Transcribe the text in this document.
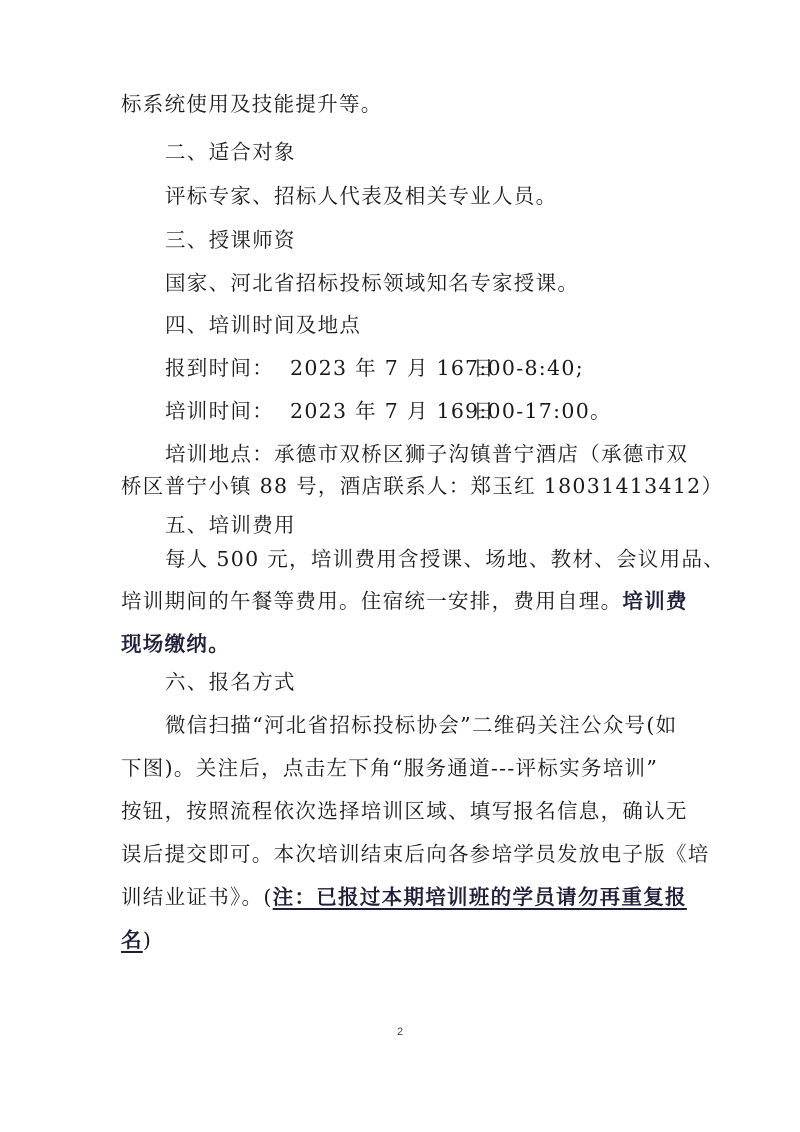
标系统使用及技能提升等。
二、适合对象
评标专家、招标人代表及相关专业人员。
三、授课师资
国家、河北省招标投标领域知名专家授课。
四、培训时间及地点
报到时间： 2023 年 7 月 16 日7:00-8:40;
培训时间： 2023 年 7 月 16 日9:00-17:00。
培训地点：承德市双桥区狮子沟镇普宁酒店（承德市双
桥区普宁小镇 88 号，酒店联系人：郑玉红 18031413412）
五、培训费用
每人 500 元，培训费用含授课、场地、教材、会议用品、
培训期间的午餐等费用。住宿统一安排，费用自理。培训费
现场缴纳。
六、报名方式
微信扫描“河北省招标投标协会”二维码关注公众号(如
下图)。关注后，点击左下角“服务通道---评标实务培训”
按钮，按照流程依次选择培训区域、填写报名信息，确认无
误后提交即可。本次培训结束后向各参培学员发放电子版《培
训结业证书》。(注：已报过本期培训班的学员请勿再重复报
名)
2
